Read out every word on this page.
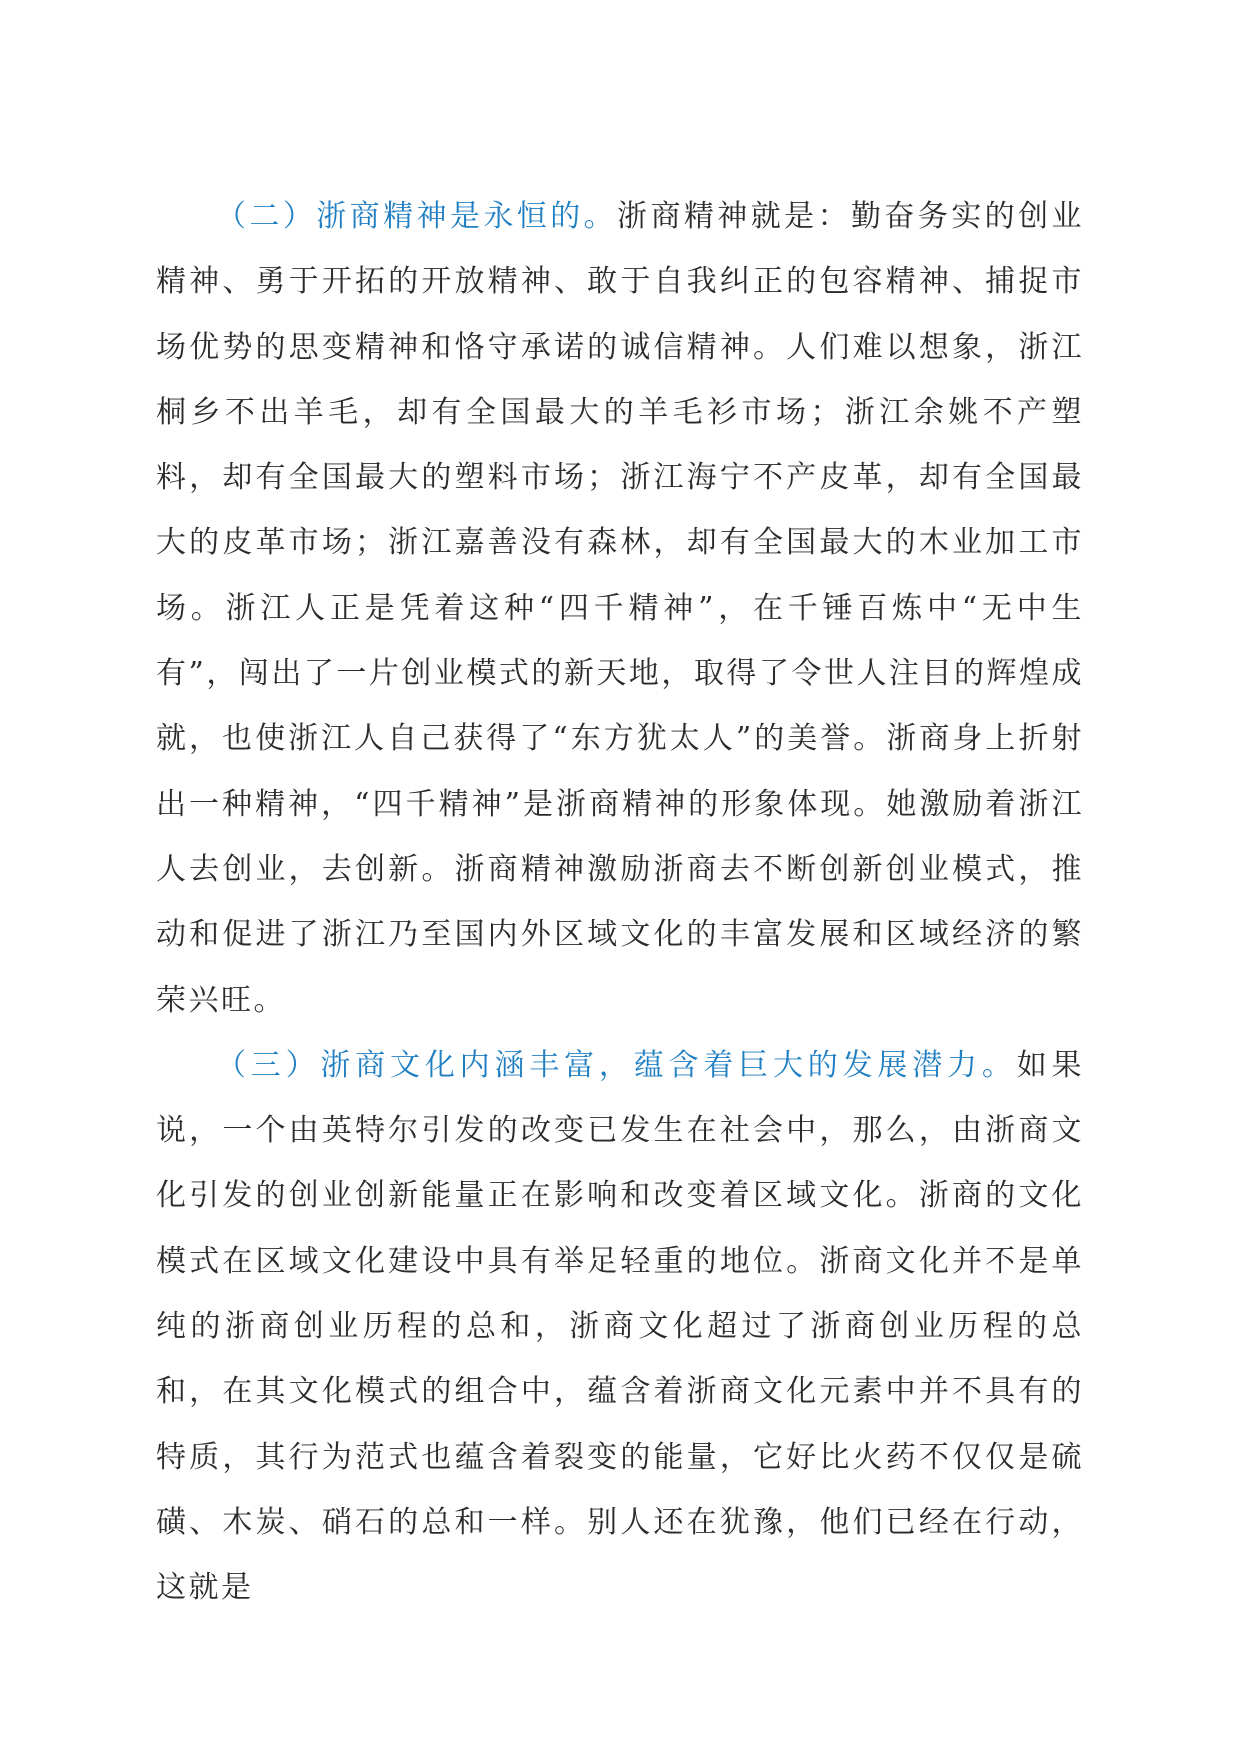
（二）浙商精神是永恒的。浙商精神就是：勤奋务实的创业精神、勇于开拓的开放精神、敢于自我纠正的包容精神、捕捉市场优势的思变精神和恪守承诺的诚信精神。人们难以想象，浙江桐乡不出羊毛，却有全国最大的羊毛衫市场；浙江余姚不产塑料，却有全国最大的塑料市场；浙江海宁不产皮革，却有全国最大的皮革市场；浙江嘉善没有森林，却有全国最大的木业加工市场。浙江人正是凭着这种“四千精神”，在千锤百炼中“无中生有”，闯出了一片创业模式的新天地，取得了令世人注目的辉煌成就，也使浙江人自己获得了“东方犹太人”的美誉。浙商身上折射出一种精神，“四千精神”是浙商精神的形象体现。她激励着浙江人去创业，去创新。浙商精神激励浙商去不断创新创业模式，推动和促进了浙江乃至国内外区域文化的丰富发展和区域经济的繁荣兴旺。

（三）浙商文化内涵丰富，蕴含着巨大的发展潜力。如果说，一个由英特尔引发的改变已发生在社会中，那么，由浙商文化引发的创业创新能量正在影响和改变着区域文化。浙商的文化模式在区域文化建设中具有举足轻重的地位。浙商文化并不是单纯的浙商创业历程的总和，浙商文化超过了浙商创业历程的总和，在其文化模式的组合中，蕴含着浙商文化元素中并不具有的特质，其行为范式也蕴含着裂变的能量，它好比火药不仅仅是硫磺、木炭、硝石的总和一样。别人还在犹豫，他们已经在行动，这就是
